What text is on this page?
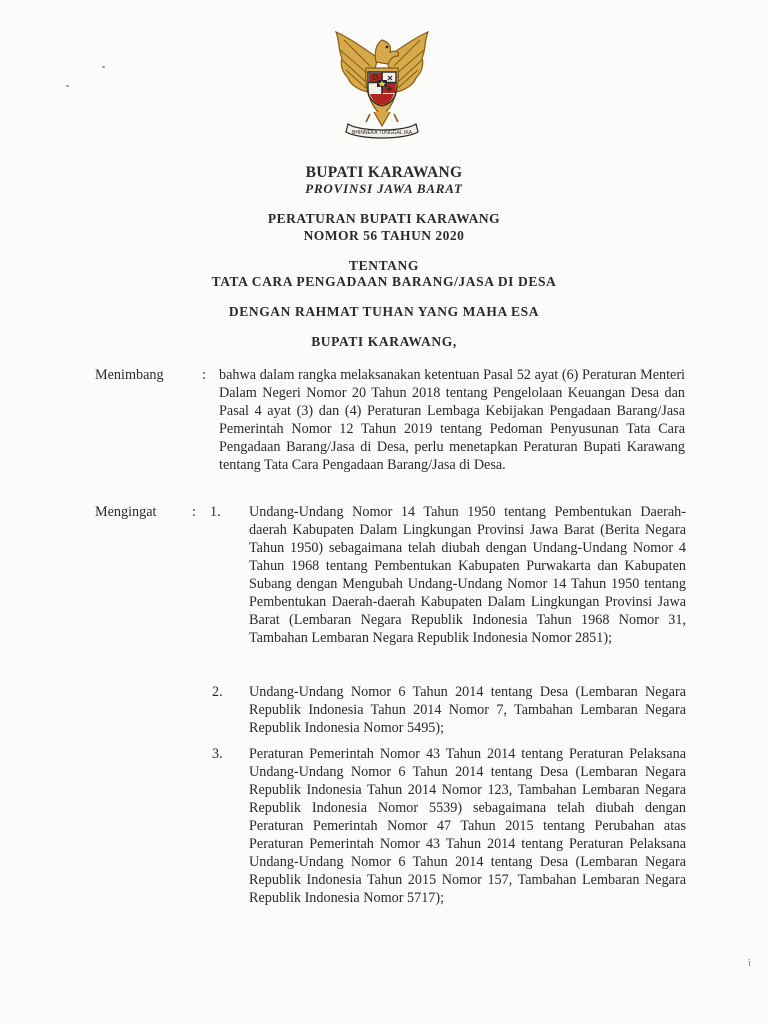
BHINNEKA TUNGGAL IKA
BUPATI KARAWANG
PROVINSI JAWA BARAT
PERATURAN BUPATI KARAWANG
NOMOR 56 TAHUN 2020
TENTANG
TATA CARA PENGADAAN BARANG/JASA DI DESA
DENGAN RAHMAT TUHAN YANG MAHA ESA
BUPATI KARAWANG,
Menimbang	: bahwa dalam rangka melaksanakan ketentuan Pasal 52 ayat (6) Peraturan Menteri Dalam Negeri Nomor 20 Tahun 2018 tentang Pengelolaan Keuangan Desa dan Pasal 4 ayat (3) dan (4) Peraturan Lembaga Kebijakan Pengadaan Barang/Jasa Pemerintah Nomor 12 Tahun 2019 tentang Pedoman Penyusunan Tata Cara Pengadaan Barang/Jasa di Desa, perlu menetapkan Peraturan Bupati Karawang tentang Tata Cara Pengadaan Barang/Jasa di Desa.
Mengingat	: 1. Undang-Undang Nomor 14 Tahun 1950 tentang Pembentukan Daerah-daerah Kabupaten Dalam Lingkungan Provinsi Jawa Barat (Berita Negara Tahun 1950) sebagaimana telah diubah dengan Undang-Undang Nomor 4 Tahun 1968 tentang Pembentukan Kabupaten Purwakarta dan Kabupaten Subang dengan Mengubah Undang-Undang Nomor 14 Tahun 1950 tentang Pembentukan Daerah-daerah Kabupaten Dalam Lingkungan Provinsi Jawa Barat (Lembaran Negara Republik Indonesia Tahun 1968 Nomor 31, Tambahan Lembaran Negara Republik Indonesia Nomor 2851);
2. Undang-Undang Nomor 6 Tahun 2014 tentang Desa (Lembaran Negara Republik Indonesia Tahun 2014 Nomor 7, Tambahan Lembaran Negara Republik Indonesia Nomor 5495);
3. Peraturan Pemerintah Nomor 43 Tahun 2014 tentang Peraturan Pelaksana Undang-Undang Nomor 6 Tahun 2014 tentang Desa (Lembaran Negara Republik Indonesia Tahun 2014 Nomor 123, Tambahan Lembaran Negara Republik Indonesia Nomor 5539) sebagaimana telah diubah dengan Peraturan Pemerintah Nomor 47 Tahun 2015 tentang Perubahan atas Peraturan Pemerintah Nomor 43 Tahun 2014 tentang Peraturan Pelaksana Undang-Undang Nomor 6 Tahun 2014 tentang Desa (Lembaran Negara Republik Indonesia Tahun 2015 Nomor 157, Tambahan Lembaran Negara Republik Indonesia Nomor 5717);
i
